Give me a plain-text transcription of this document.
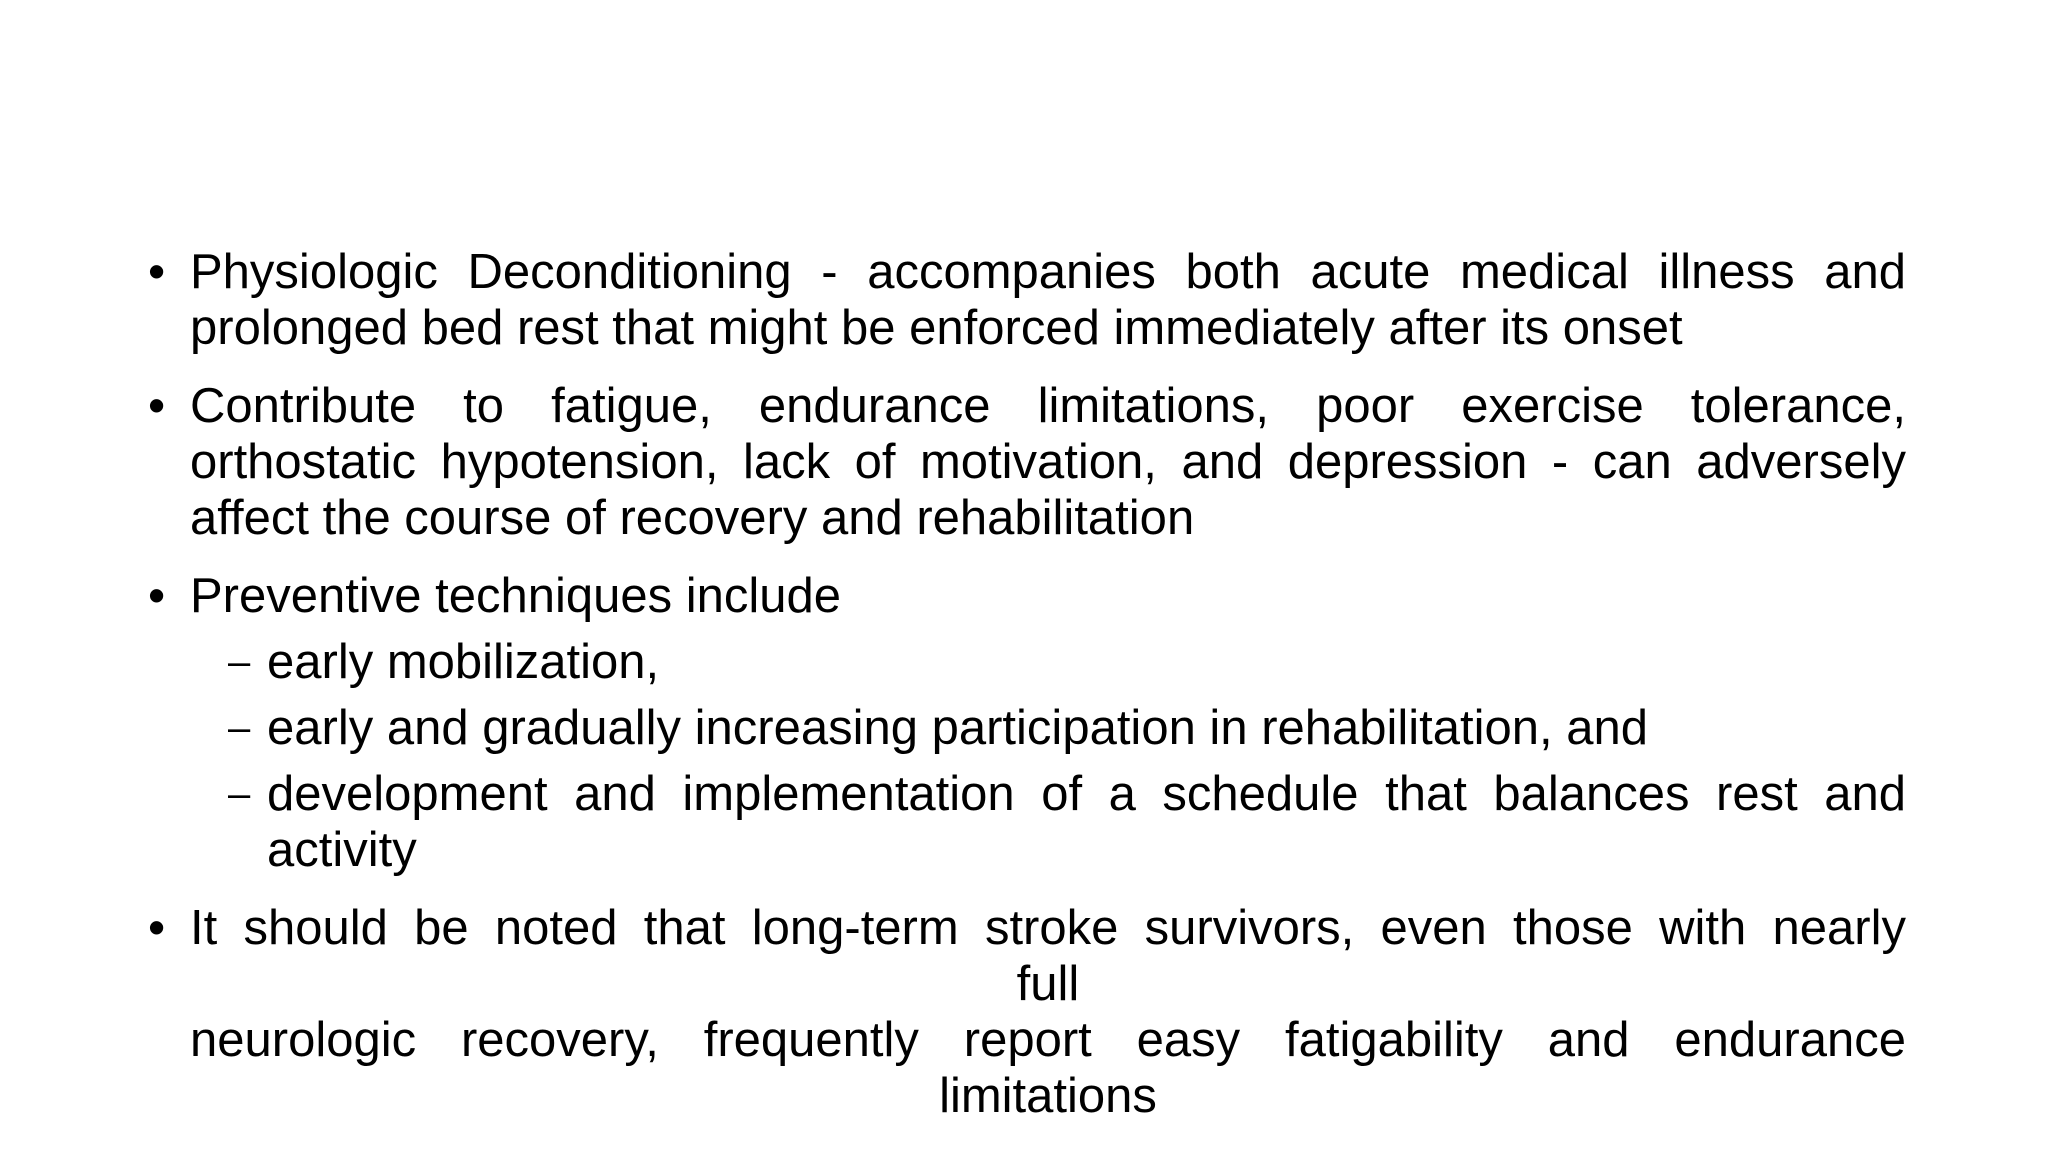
• Physiologic Deconditioning - accompanies both acute medical illness and prolonged bed rest that might be enforced immediately after its onset
• Contribute to fatigue, endurance limitations, poor exercise tolerance, orthostatic hypotension, lack of motivation, and depression - can adversely affect the course of recovery and rehabilitation
• Preventive techniques include
– early mobilization,
– early and gradually increasing participation in rehabilitation, and
– development and implementation of a schedule that balances rest and activity
• It should be noted that long-term stroke survivors, even those with nearly
full
neurologic recovery, frequently report easy fatigability and endurance
limitations
